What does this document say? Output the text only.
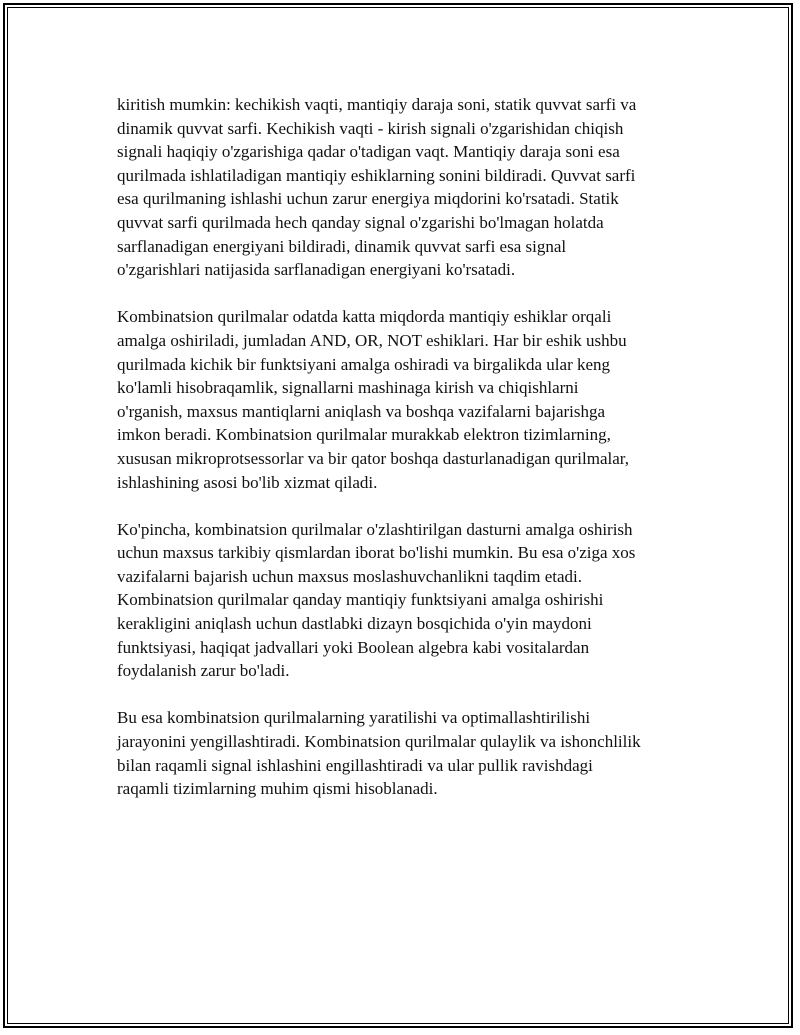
kiritish mumkin: kechikish vaqti, mantiqiy daraja soni, statik quvvat sarfi va
dinamik quvvat sarfi. Kechikish vaqti - kirish signali o'zgarishidan chiqish
signali haqiqiy o'zgarishiga qadar o'tadigan vaqt. Mantiqiy daraja soni esa
qurilmada ishlatiladigan mantiqiy eshiklarning sonini bildiradi. Quvvat sarfi
esa qurilmaning ishlashi uchun zarur energiya miqdorini ko'rsatadi. Statik
quvvat sarfi qurilmada hech qanday signal o'zgarishi bo'lmagan holatda
sarflanadigan energiyani bildiradi, dinamik quvvat sarfi esa signal
o'zgarishlari natijasida sarflanadigan energiyani ko'rsatadi.

Kombinatsion qurilmalar odatda katta miqdorda mantiqiy eshiklar orqali
amalga oshiriladi, jumladan AND, OR, NOT eshiklari. Har bir eshik ushbu
qurilmada kichik bir funktsiyani amalga oshiradi va birgalikda ular keng
ko'lamli hisobraqamlik, signallarni mashinaga kirish va chiqishlarni
o'rganish, maxsus mantiqlarni aniqlash va boshqa vazifalarni bajarishga
imkon beradi. Kombinatsion qurilmalar murakkab elektron tizimlarning,
xususan mikroprotsessorlar va bir qator boshqa dasturlanadigan qurilmalar,
ishlashining asosi bo'lib xizmat qiladi.

Ko'pincha, kombinatsion qurilmalar o'zlashtirilgan dasturni amalga oshirish
uchun maxsus tarkibiy qismlardan iborat bo'lishi mumkin. Bu esa o'ziga xos
vazifalarni bajarish uchun maxsus moslashuvchanlikni taqdim etadi.
Kombinatsion qurilmalar qanday mantiqiy funktsiyani amalga oshirishi
kerakligini aniqlash uchun dastlabki dizayn bosqichida o'yin maydoni
funktsiyasi, haqiqat jadvallari yoki Boolean algebra kabi vositalardan
foydalanish zarur bo'ladi.

Bu esa kombinatsion qurilmalarning yaratilishi va optimallashtirilishi
jarayonini yengillashtiradi. Kombinatsion qurilmalar qulaylik va ishonchlilik
bilan raqamli signal ishlashini engillashtiradi va ular pullik ravishdagi
raqamli tizimlarning muhim qismi hisoblanadi.
